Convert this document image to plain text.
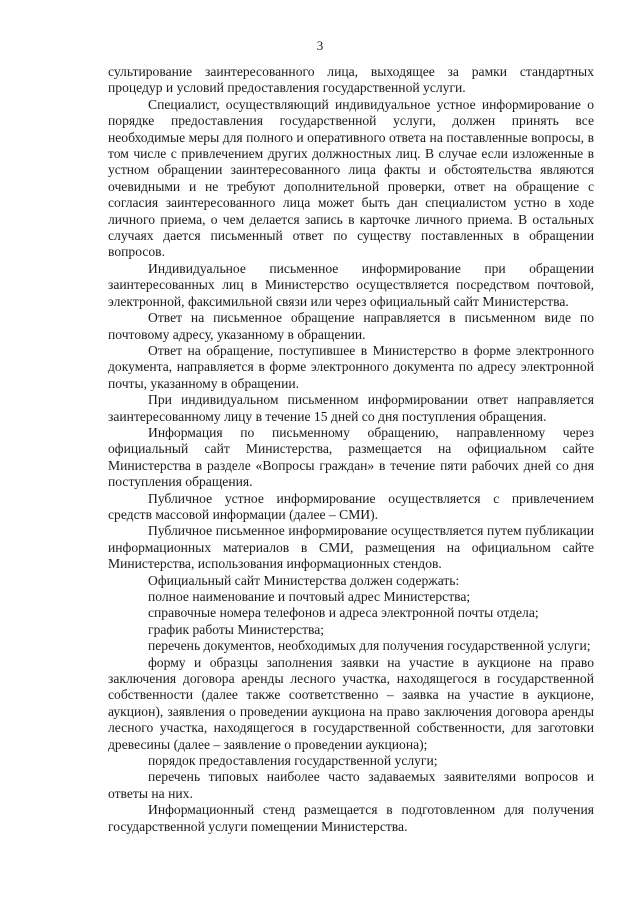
3

сультирование заинтересованного лица, выходящее за рамки стандартных процедур и условий предоставления государственной услуги.

Специалист, осуществляющий индивидуальное устное информирование о порядке предоставления государственной услуги, должен принять все необходимые меры для полного и оперативного ответа на поставленные вопросы, в том числе с привлечением других должностных лиц. В случае если изложенные в устном обращении заинтересованного лица факты и обстоятельства являются очевидными и не требуют дополнительной проверки, ответ на обращение с согласия заинтересованного лица может быть дан специалистом устно в ходе личного приема, о чем делается запись в карточке личного приема. В остальных случаях дается письменный ответ по существу поставленных в обращении вопросов.

Индивидуальное письменное информирование при обращении заинтересованных лиц в Министерство осуществляется посредством почтовой, электронной, факсимильной связи или через официальный сайт Министерства.

Ответ на письменное обращение направляется в письменном виде по почтовому адресу, указанному в обращении.

Ответ на обращение, поступившее в Министерство в форме электронного документа, направляется в форме электронного документа по адресу электронной почты, указанному в обращении.

При индивидуальном письменном информировании ответ направляется заинтересованному лицу в течение 15 дней со дня поступления обращения.

Информация по письменному обращению, направленному через официальный сайт Министерства, размещается на официальном сайте Министерства в разделе «Вопросы граждан» в течение пяти рабочих дней со дня поступления обращения.

Публичное устное информирование осуществляется с привлечением средств массовой информации (далее – СМИ).

Публичное письменное информирование осуществляется путем публикации информационных материалов в СМИ, размещения на официальном сайте Министерства, использования информационных стендов.

Официальный сайт Министерства должен содержать:

полное наименование и почтовый адрес Министерства;

справочные номера телефонов и адреса электронной почты отдела;

график работы Министерства;

перечень документов, необходимых для получения государственной услуги;

форму и образцы заполнения заявки на участие в аукционе на право заключения договора аренды лесного участка, находящегося в государственной собственности (далее также соответственно – заявка на участие в аукционе, аукцион), заявления о проведении аукциона на право заключения договора аренды лесного участка, находящегося в государственной собственности, для заготовки древесины (далее – заявление о проведении аукциона);

порядок предоставления государственной услуги;

перечень типовых наиболее часто задаваемых заявителями вопросов и ответы на них.

Информационный стенд размещается в подготовленном для получения государственной услуги помещении Министерства.
